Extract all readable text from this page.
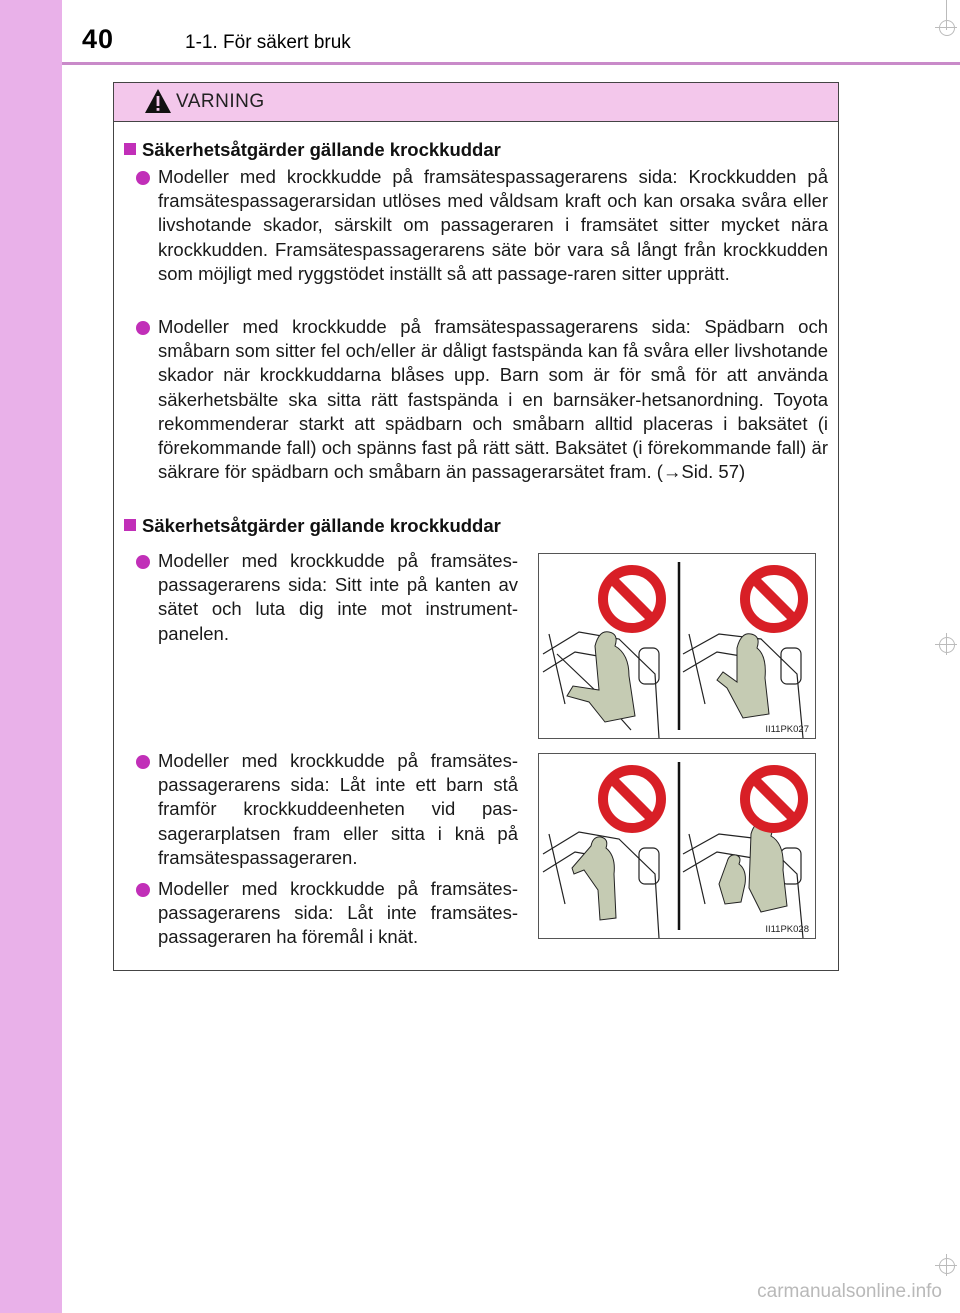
40	1-1. För säkert bruk
VARNING
Säkerhetsåtgärder gällande krockkuddar
Modeller med krockkudde på framsätespassagerarens sida: Krockkudden på framsätespassagerarsidan utlöses med våldsam kraft och kan orsaka svåra eller livshotande skador, särskilt om passageraren i framsätet sitter mycket nära krockkudden. Framsätespassagerarens säte bör vara så långt från krockkudden som möjligt med ryggstödet inställt så att passage-raren sitter upprätt.
Modeller med krockkudde på framsätespassagerarens sida: Spädbarn och småbarn som sitter fel och/eller är dåligt fastspända kan få svåra eller livshotande skador när krockkuddarna blåses upp. Barn som är för små för att använda säkerhetsbälte ska sitta rätt fastspända i en barnsäker-hetsanordning. Toyota rekommenderar starkt att spädbarn och småbarn alltid placeras i baksätet (i förekommande fall) och spänns fast på rätt sätt. Baksätet (i förekommande fall) är säkrare för spädbarn och småbarn än passagerarsätet fram. (→Sid. 57)
Säkerhetsåtgärder gällande krockkuddar
Modeller med krockkudde på framsätes-passagerarens sida: Sitt inte på kanten av sätet och luta dig inte mot instrument-panelen.
Modeller med krockkudde på framsätes-passagerarens sida: Låt inte ett barn stå framför krockkuddeenheten vid pas-sagerarplatsen fram eller sitta i knä på framsätespassageraren.
Modeller med krockkudde på framsätes-passagerarens sida: Låt inte framsätes-passageraren ha föremål i knät.
II11PK027
II11PK028
carmanualsonline.info
